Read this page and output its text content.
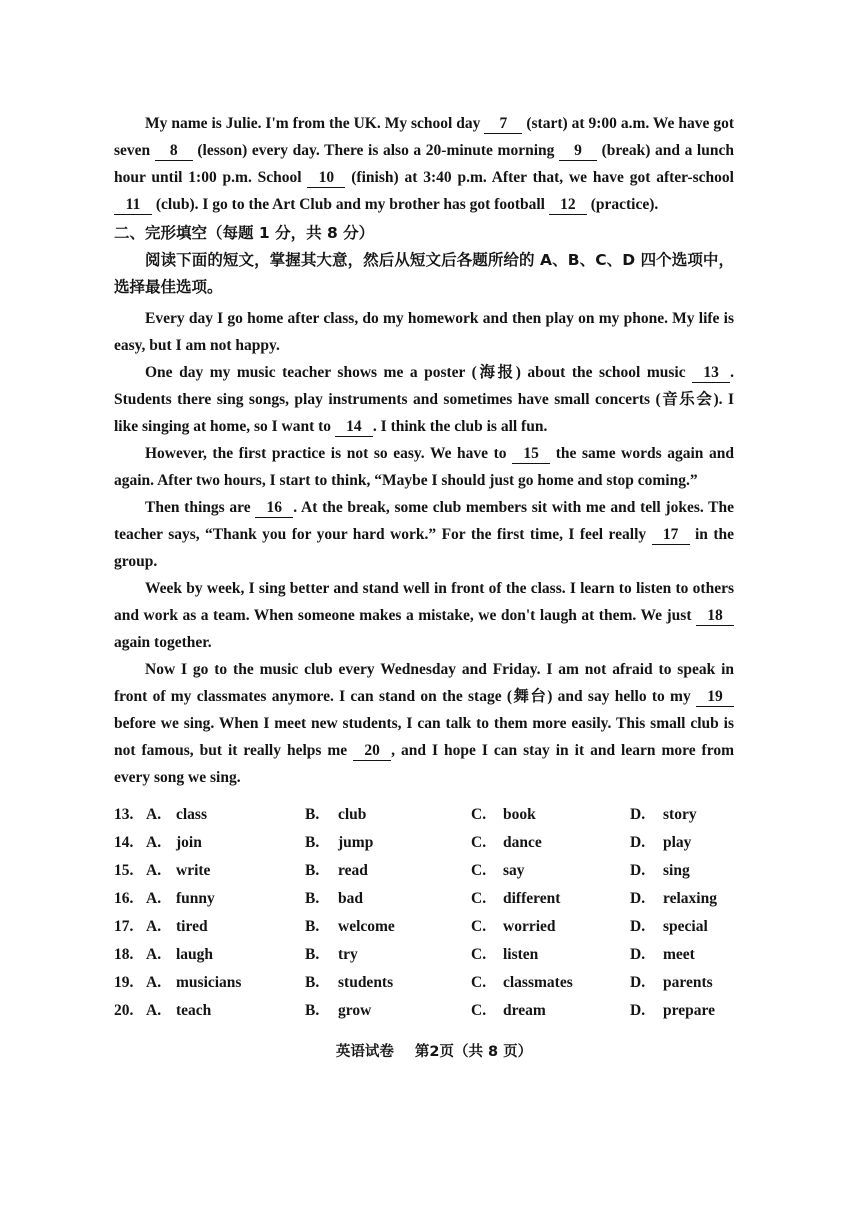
My name is Julie. I'm from the UK. My school day 7 (start) at 9:00 a.m. We have got seven 8 (lesson) every day. There is also a 20-minute morning 9 (break) and a lunch hour until 1:00 p.m. School 10 (finish) at 3:40 p.m. After that, we have got after-school 11 (club). I go to the Art Club and my brother has got football 12 (practice).

二、完形填空（每题 1 分，共 8 分）
阅读下面的短文，掌握其大意，然后从短文后各题所给的 A、B、C、D 四个选项中，选择最佳选项。

Every day I go home after class, do my homework and then play on my phone. My life is easy, but I am not happy.

One day my music teacher shows me a poster (海报) about the school music 13 . Students there sing songs, play instruments and sometimes have small concerts (音乐会). I like singing at home, so I want to 14 . I think the club is all fun.

However, the first practice is not so easy. We have to 15 the same words again and again. After two hours, I start to think, “Maybe I should just go home and stop coming.”

Then things are 16 . At the break, some club members sit with me and tell jokes. The teacher says, “Thank you for your hard work.” For the first time, I feel really 17 in the group.

Week by week, I sing better and stand well in front of the class. I learn to listen to others and work as a team. When someone makes a mistake, we don't laugh at them. We just 18 again together.

Now I go to the music club every Wednesday and Friday. I am not afraid to speak in front of my classmates anymore. I can stand on the stage (舞台) and say hello to my 19 before we sing. When I meet new students, I can talk to them more easily. This small club is not famous, but it really helps me 20 , and I hope I can stay in it and learn more from every song we sing.

13. A. class	B. club	C. book	D. story
14. A. join	B. jump	C. dance	D. play
15. A. write	B. read	C. say	D. sing
16. A. funny	B. bad	C. different	D. relaxing
17. A. tired	B. welcome	C. worried	D. special
18. A. laugh	B. try	C. listen	D. meet
19. A. musicians	B. students	C. classmates	D. parents
20. A. teach	B. grow	C. dream	D. prepare
英语试卷 第2页（共 8 页）
